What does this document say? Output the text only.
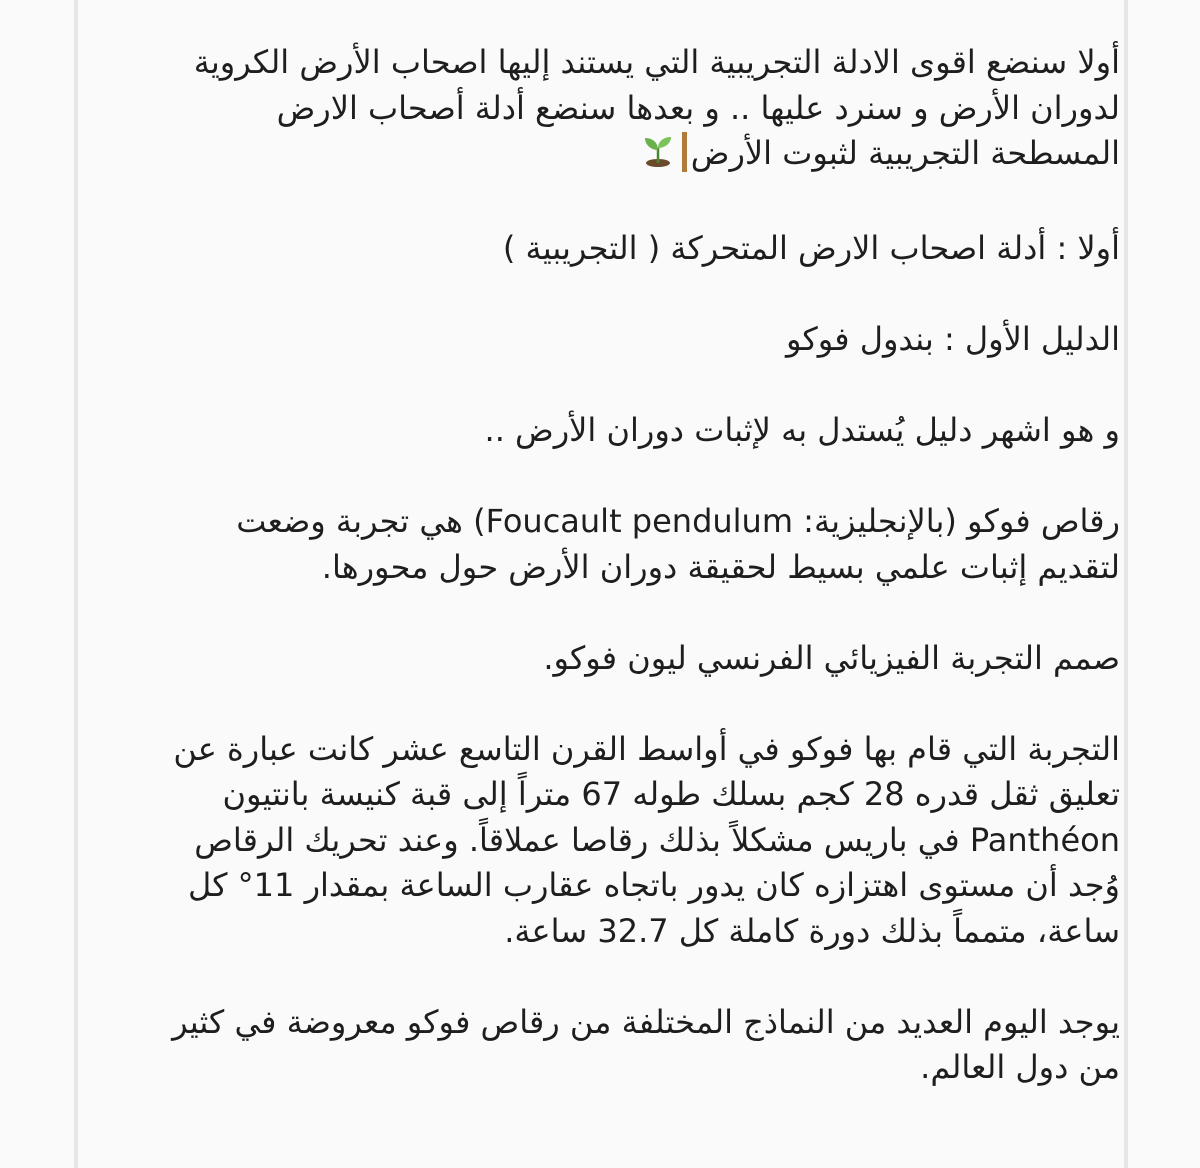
أولا سنضع اقوى الادلة التجريبية التي يستند إليها اصحاب الأرض الكروية
لدوران الأرض و سنرد عليها .. و بعدها سنضع أدلة أصحاب الارض
المسطحة التجريبية لثبوت الأرض

أولا : أدلة اصحاب الارض المتحركة ( التجريبية )

الدليل الأول : بندول فوكو

و هو اشهر دليل يُستدل به لإثبات دوران الأرض ..

رقاص فوكو (بالإنجليزية: Foucault pendulum) هي تجربة وضعت
لتقديم إثبات علمي بسيط لحقيقة دوران الأرض حول محورها.

صمم التجربة الفيزيائي الفرنسي ليون فوكو.

التجربة التي قام بها فوكو في أواسط القرن التاسع عشر كانت عبارة عن
تعليق ثقل قدره 28 كجم بسلك طوله 67 متراً إلى قبة كنيسة بانتيون
Panthéon في باريس مشكلاً بذلك رقاصا عملاقاً. وعند تحريك الرقاص
وُجد أن مستوى اهتزازه كان يدور باتجاه عقارب الساعة بمقدار 11° كل
ساعة، متمماً بذلك دورة كاملة كل 32.7 ساعة.

يوجد اليوم العديد من النماذج المختلفة من رقاص فوكو معروضة في كثير
من دول العالم.
